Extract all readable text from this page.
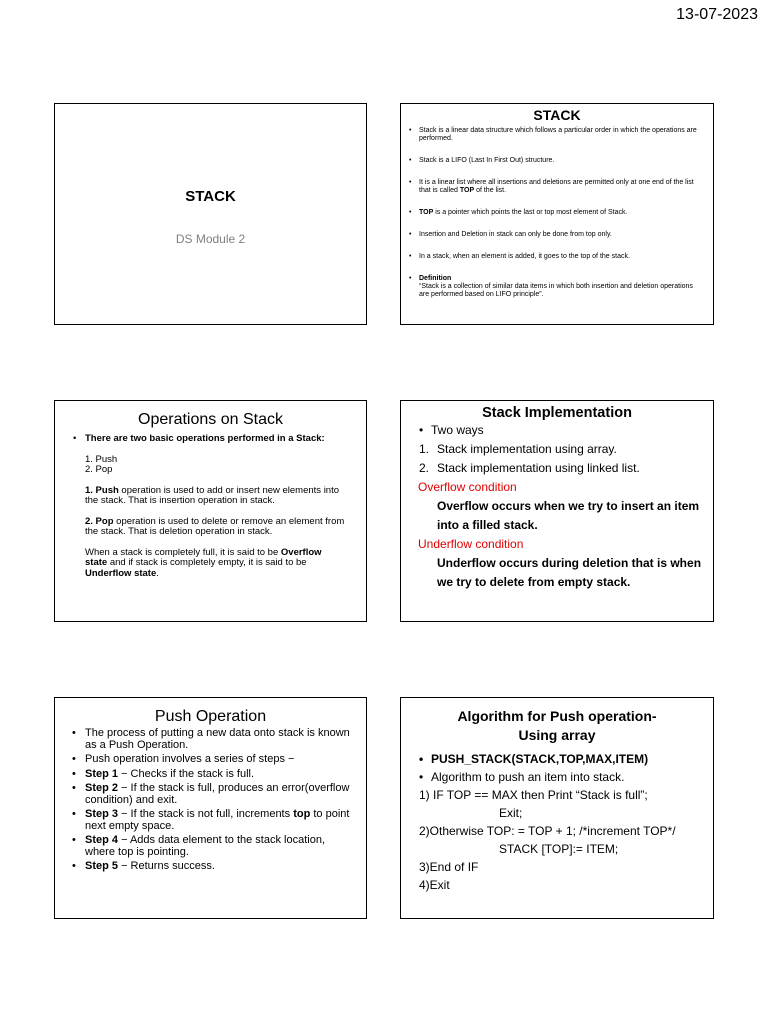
13-07-2023
STACK
DS Module 2
STACK
• Stack is a linear data structure which follows a particular order in which the operations are performed.
• Stack is a LIFO (Last In First Out) structure.
• It is a linear list where all insertions and deletions are permitted only at one end of the list that is called TOP of the list.
• TOP is a pointer which points the last or top most element of Stack.
• Insertion and Deletion in stack can only be done from top only.
• In a stack, when an element is added, it goes to the top of the stack.
• Definition
“Stack is a collection of similar data items in which both insertion and deletion operations are performed based on LIFO principle”.
Operations on Stack
• There are two basic operations performed in a Stack:

1. Push

2. Pop

1. Push operation is used to add or insert new elements into the stack. That is insertion operation in stack.

2. Pop operation is used to delete or remove an element from the stack. That is deletion operation in stack.

When a stack is completely full, it is said to be Overflow state and if stack is completely empty, it is said to be Underflow state.

Stack Implementation
• Two ways
1. Stack implementation using array.
2. Stack implementation using linked list.
Overflow condition
Overflow occurs when we try to insert an item into a filled stack.
Underflow condition
Underflow occurs during deletion that is when we try to delete from empty stack.
Push Operation
• The process of putting a new data onto stack is known as a Push Operation.
• Push operation involves a series of steps −
• Step 1 − Checks if the stack is full.
• Step 2 − If the stack is full, produces an error(overflow condition) and exit.
• Step 3 − If the stack is not full, increments top to point next empty space.
• Step 4 − Adds data element to the stack location, where top is pointing.
• Step 5 − Returns success.
Algorithm for Push operation-
Using array
• PUSH_STACK(STACK,TOP,MAX,ITEM)
• Algorithm to push an item into stack.
1) IF TOP == MAX then Print “Stack is full”;
Exit;
2)Otherwise TOP: = TOP + 1; /*increment TOP*/
STACK [TOP]:= ITEM;
3)End of IF
4)Exit
